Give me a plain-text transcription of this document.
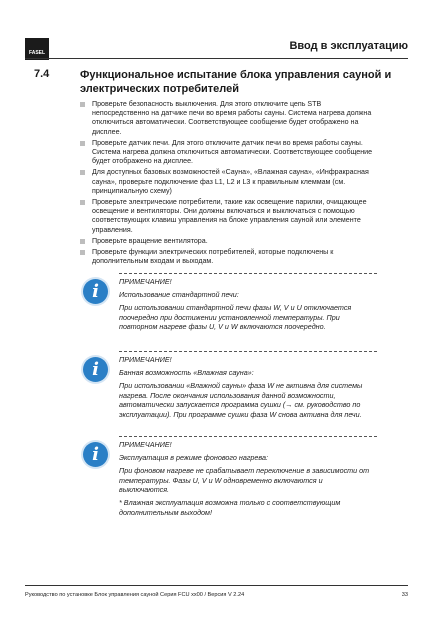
FASEL
Ввод в эксплуатацию
7.4	Функциональное испытание блока управления сауной и электрических потребителей
Проверьте безопасность выключения. Для этого отключите цепь STB непосредственно на датчике печи во время работы сауны. Система нагрева должна отключиться автоматически. Соответствующее сообщение будет отображено на дисплее.
Проверьте датчик печи. Для этого отключите датчик печи во время работы сауны. Система нагрева должна отключиться автоматически. Соответствующее сообщение будет отображено на дисплее.
Для доступных базовых возможностей «Сауна», «Влажная сауна», «Инфракрасная сауна», проверьте подключение фаз L1, L2 и L3 к правильным клеммам (см. принципиальную схему)
Проверьте электрические потребители, такие как освещение парилки, очищающее освещение и вентиляторы. Они должны включаться и выключаться с помощью соответствующих клавиш управления на блоке управления сауной или элементе управления.
Проверьте вращение вентилятора.
Проверьте функции электрических потребителей, которые подключены к дополнительным входам и выходам.
i	ПРИМЕЧАНИЕ!
Использование стандартной печи:
При использовании стандартной печи фазы W, V и U отключается поочередно при достижении установленной температуры. При повторном нагреве фазы U, V и W включаются поочередно.
i	ПРИМЕЧАНИЕ!
Банная возможность «Влажная сауна»:
При использовании «Влажной сауны» фаза W не активна для системы нагрева. После окончания использования данной возможности, автоматически запускается программа сушки (→ см. руководство по эксплуатации). При программе сушки фаза W снова активна для печи.
i	ПРИМЕЧАНИЕ!
Эксплуатация в режиме фонового нагрева:
При фоновом нагреве не срабатывает переключение в зависимости от температуры. Фазы U, V и W одновременно включаются и выключаются.
* Влажная эксплуатация возможна только с соответствующим дополнительным выходом!
Руководство по установке Блок управления сауной Серия FCU xx00 / Версия V 2.24	33
